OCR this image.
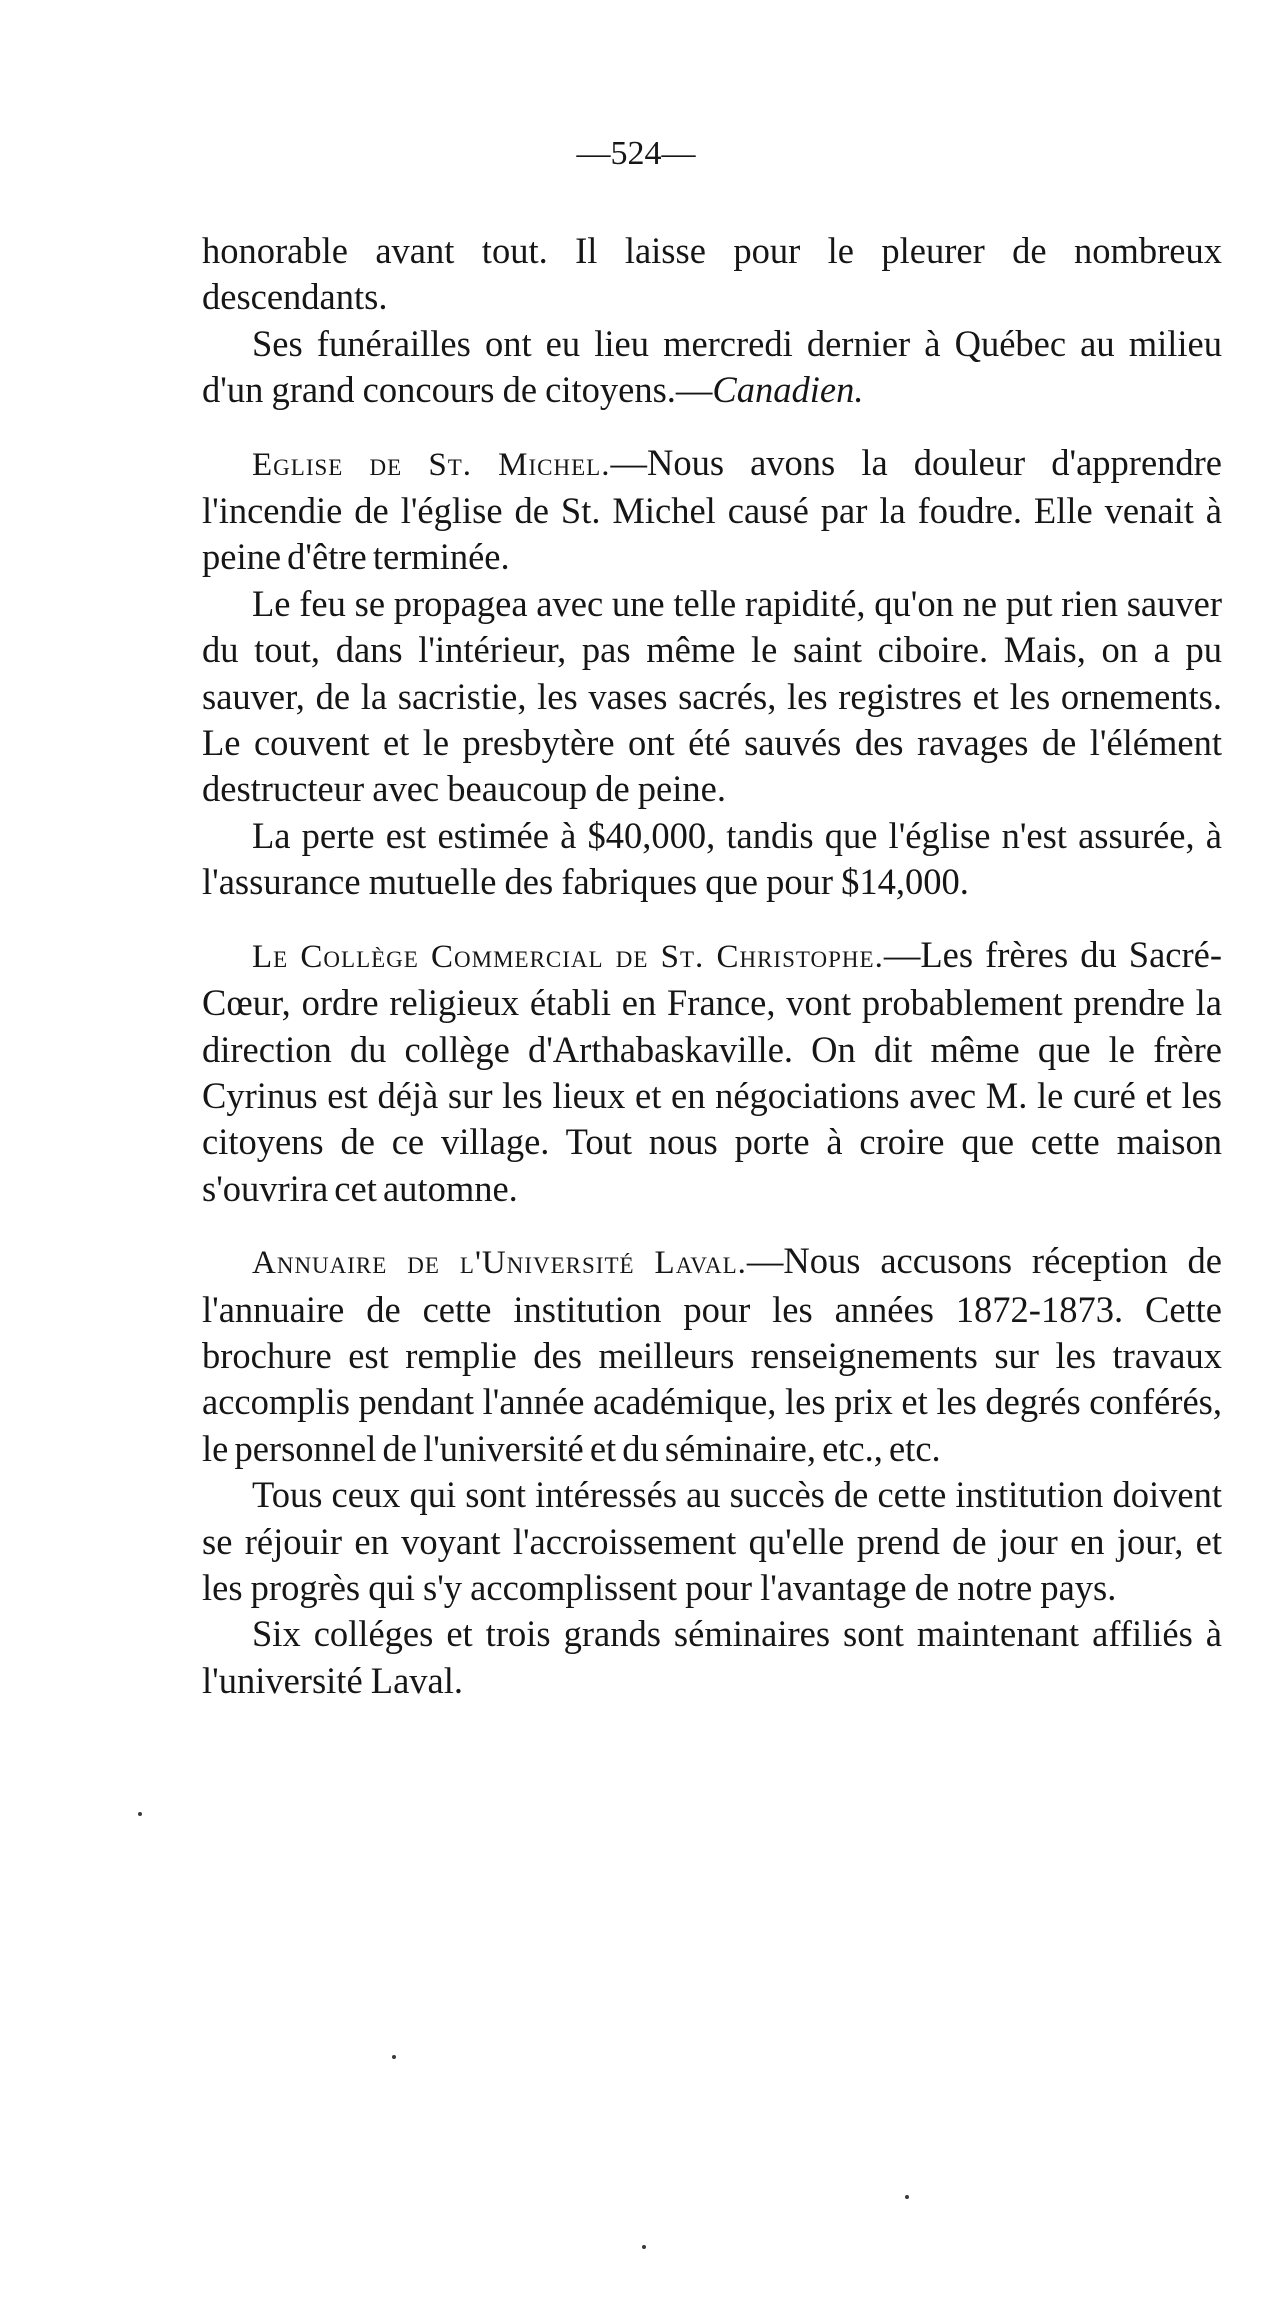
—524—

honorable avant tout. Il laisse pour le pleurer de nombreux descendants.

Ses funérailles ont eu lieu mercredi dernier à Québec au milieu d'un grand concours de citoyens.—Canadien.

Eglise de St. Michel.—Nous avons la douleur d'apprendre l'incendie de l'église de St. Michel causé par la foudre. Elle venait à peine d'être terminée.

Le feu se propagea avec une telle rapidité, qu'on ne put rien sauver du tout, dans l'intérieur, pas même le saint ciboire. Mais, on a pu sauver, de la sacristie, les vases sacrés, les registres et les ornements. Le couvent et le presbytère ont été sauvés des ravages de l'élément destructeur avec beaucoup de peine.

La perte est estimée à $40,000, tandis que l'église n'est assurée, à l'assurance mutuelle des fabriques que pour $14,000.

Le Collège Commercial de St. Christophe.—Les frères du Sacré-Cœur, ordre religieux établi en France, vont probablement prendre la direction du collège d'Arthabaskaville. On dit même que le frère Cyrinus est déjà sur les lieux et en négociations avec M. le curé et les citoyens de ce village. Tout nous porte à croire que cette maison s'ouvrira cet automne.

Annuaire de l'Université Laval.—Nous accusons réception de l'annuaire de cette institution pour les années 1872-1873. Cette brochure est remplie des meilleurs renseignements sur les travaux accomplis pendant l'année académique, les prix et les degrés conférés, le personnel de l'université et du séminaire, etc., etc.

Tous ceux qui sont intéressés au succès de cette institution doivent se réjouir en voyant l'accroissement qu'elle prend de jour en jour, et les progrès qui s'y accomplissent pour l'avantage de notre pays.

Six colléges et trois grands séminaires sont maintenant affiliés à l'université Laval.
